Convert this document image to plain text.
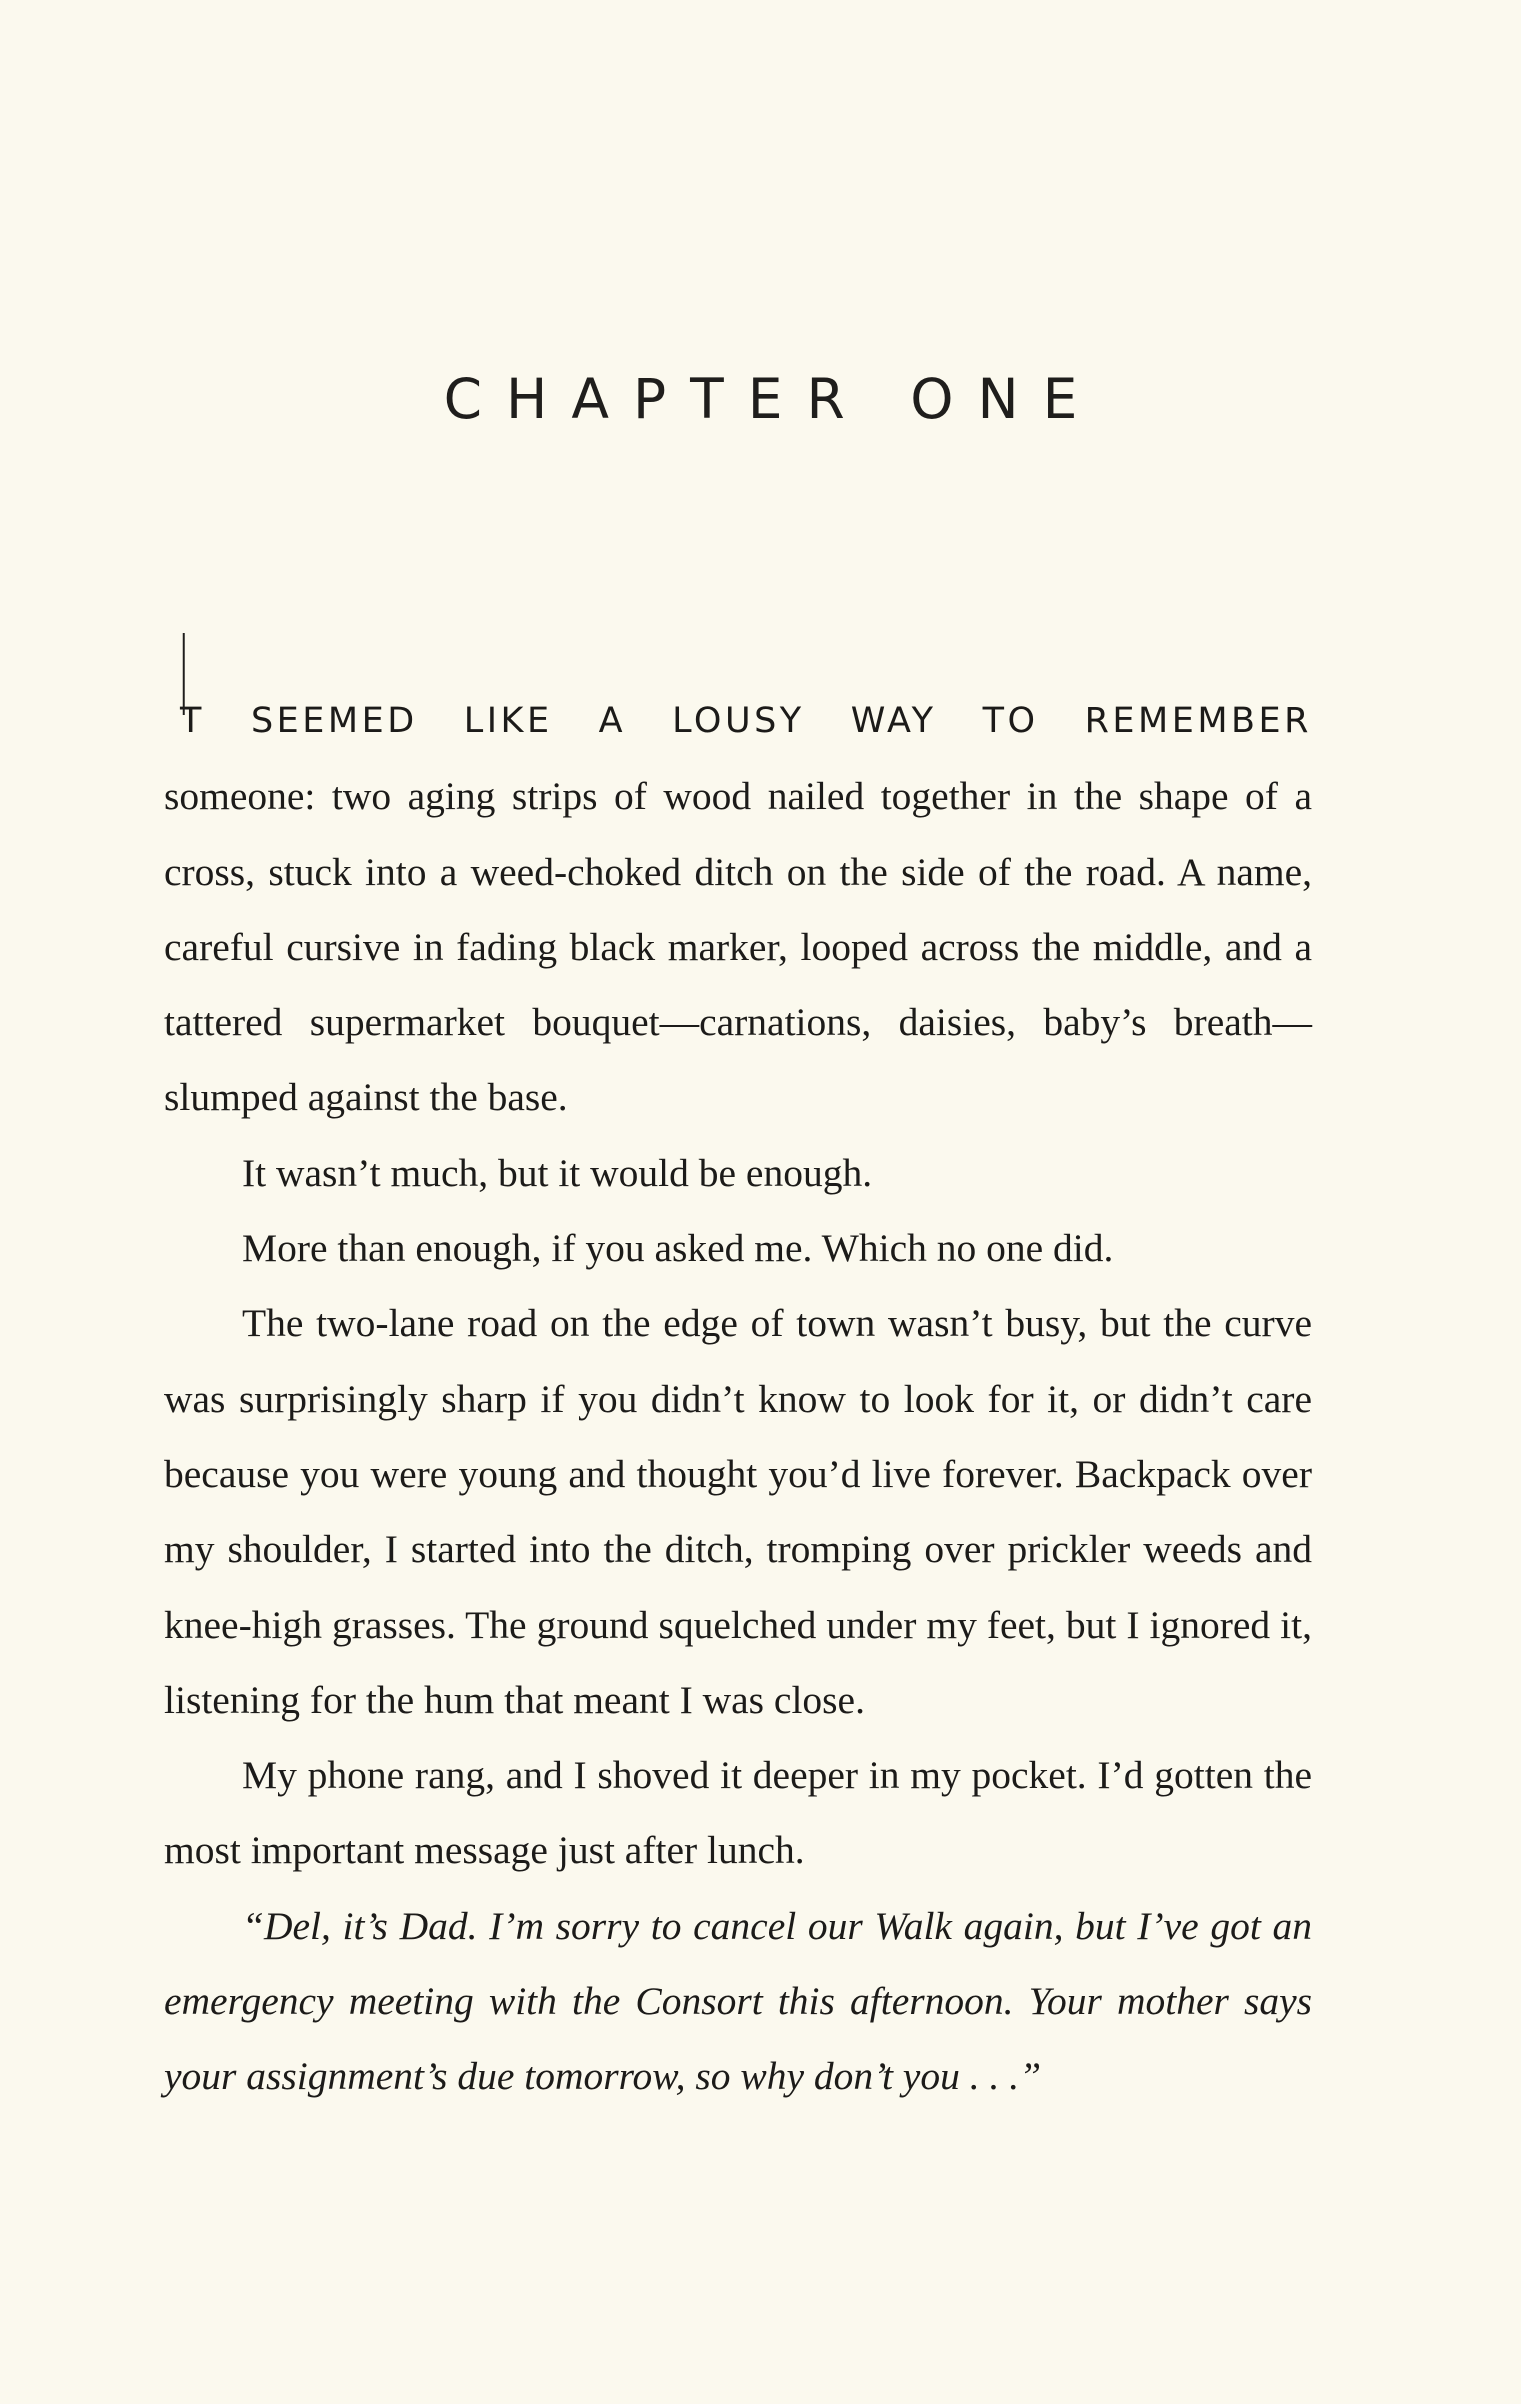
CHAPTER ONE
I

T SEEMED LIKE A LOUSY WAY TO REMEMBER
someone: two aging strips of wood nailed together in the shape of a cross, stuck into a weed-choked ditch on the side of the road. A name, careful cursive in fading black marker, looped across the middle, and a tattered supermarket bouquet—carnations, daisies, baby’s breath—slumped against the base.

It wasn’t much, but it would be enough.

More than enough, if you asked me. Which no one did.

The two-lane road on the edge of town wasn’t busy, but the curve was surprisingly sharp if you didn’t know to look for it, or didn’t care because you were young and thought you’d live forever. Backpack over my shoulder, I started into the ditch, tromping over prickler weeds and knee-high grasses. The ground squelched under my feet, but I ignored it, listening for the hum that meant I was close.

My phone rang, and I shoved it deeper in my pocket. I’d gotten the most important message just after lunch.

“Del, it’s Dad. I’m sorry to cancel our Walk again, but I’ve got an emergency meeting with the Consort this afternoon. Your mother says your assignment’s due tomorrow, so why don’t you . . .”
